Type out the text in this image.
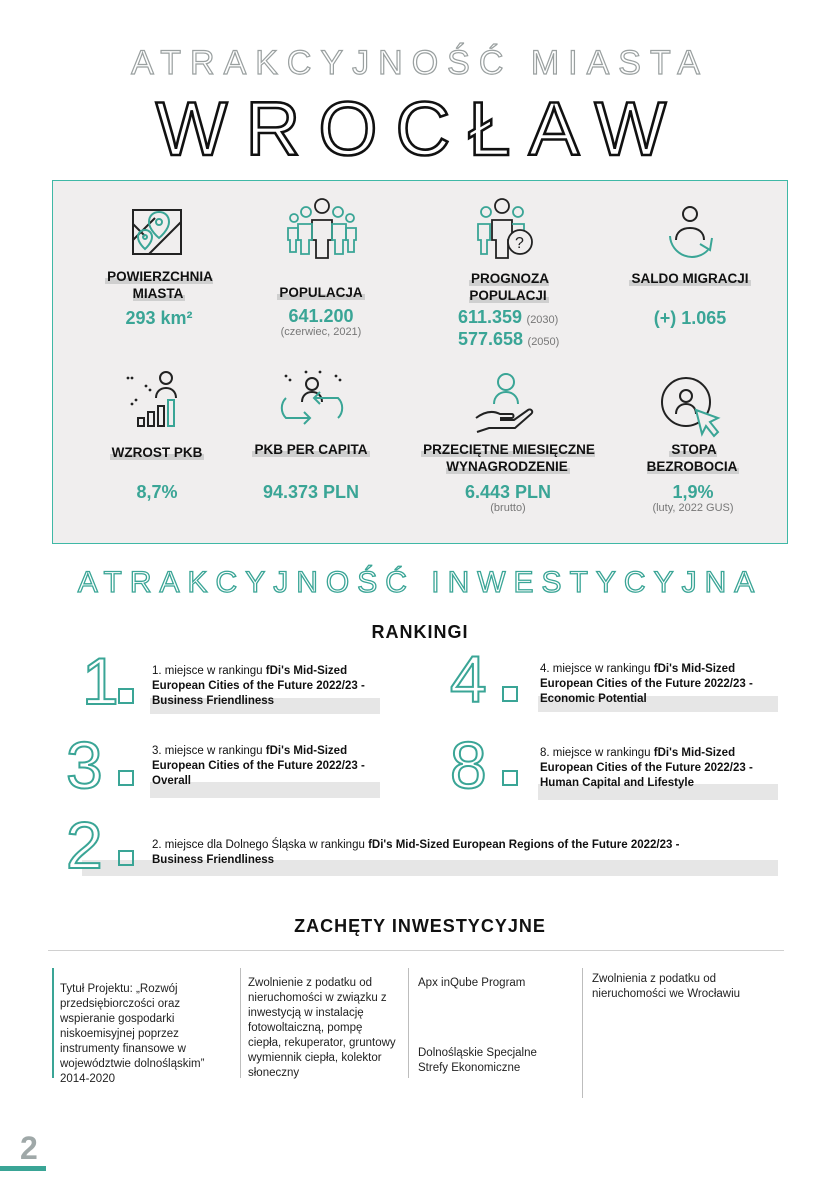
ATRAKCYJNOŚĆ MIASTA
WROCŁAW
POWIERZCHNIA MIASTA
293 km²
POPULACJA
641.200
(czerwiec, 2021)
?
PROGNOZA POPULACJI
611.359 (2030)
577.658 (2050)
SALDO MIGRACJI
(+) 1.065
WZROST PKB
8,7%
PKB PER CAPITA
94.373 PLN
PRZECIĘTNE MIESIĘCZNE WYNAGRODZENIE
6.443 PLN
(brutto)
STOPA BEZROBOCIA
1,9%
(luty, 2022 GUS)
ATRAKCYJNOŚĆ INWESTYCYJNA
RANKINGI
1	1. miejsce w rankingu fDi's Mid-Sized European Cities of the Future 2022/23 - Business Friendliness	4	4. miejsce w rankingu fDi's Mid-Sized European Cities of the Future 2022/23 - Economic Potential
3	3. miejsce w rankingu fDi's Mid-Sized European Cities of the Future 2022/23 - Overall	8	8. miejsce w rankingu fDi's Mid-Sized European Cities of the Future 2022/23 - Human Capital and Lifestyle
2	2. miejsce dla Dolnego Śląska w rankingu fDi's Mid-Sized European Regions of the Future 2022/23 - Business Friendliness
ZACHĘTY INWESTYCYJNE
Tytuł Projektu: „Rozwój przedsiębiorczości oraz wspieranie gospodarki niskoemisyjnej poprzez instrumenty finansowe w województwie dolnośląskim” 2014-2020
Zwolnienie z podatku od nieruchomości w związku z inwestycją w instalację fotowoltaiczną, pompę ciepła, rekuperator, gruntowy wymiennik ciepła, kolektor słoneczny
Apx inQube Program
Dolnośląskie Specjalne Strefy Ekonomiczne
Zwolnienia z podatku od nieruchomości we Wrocławiu
2
